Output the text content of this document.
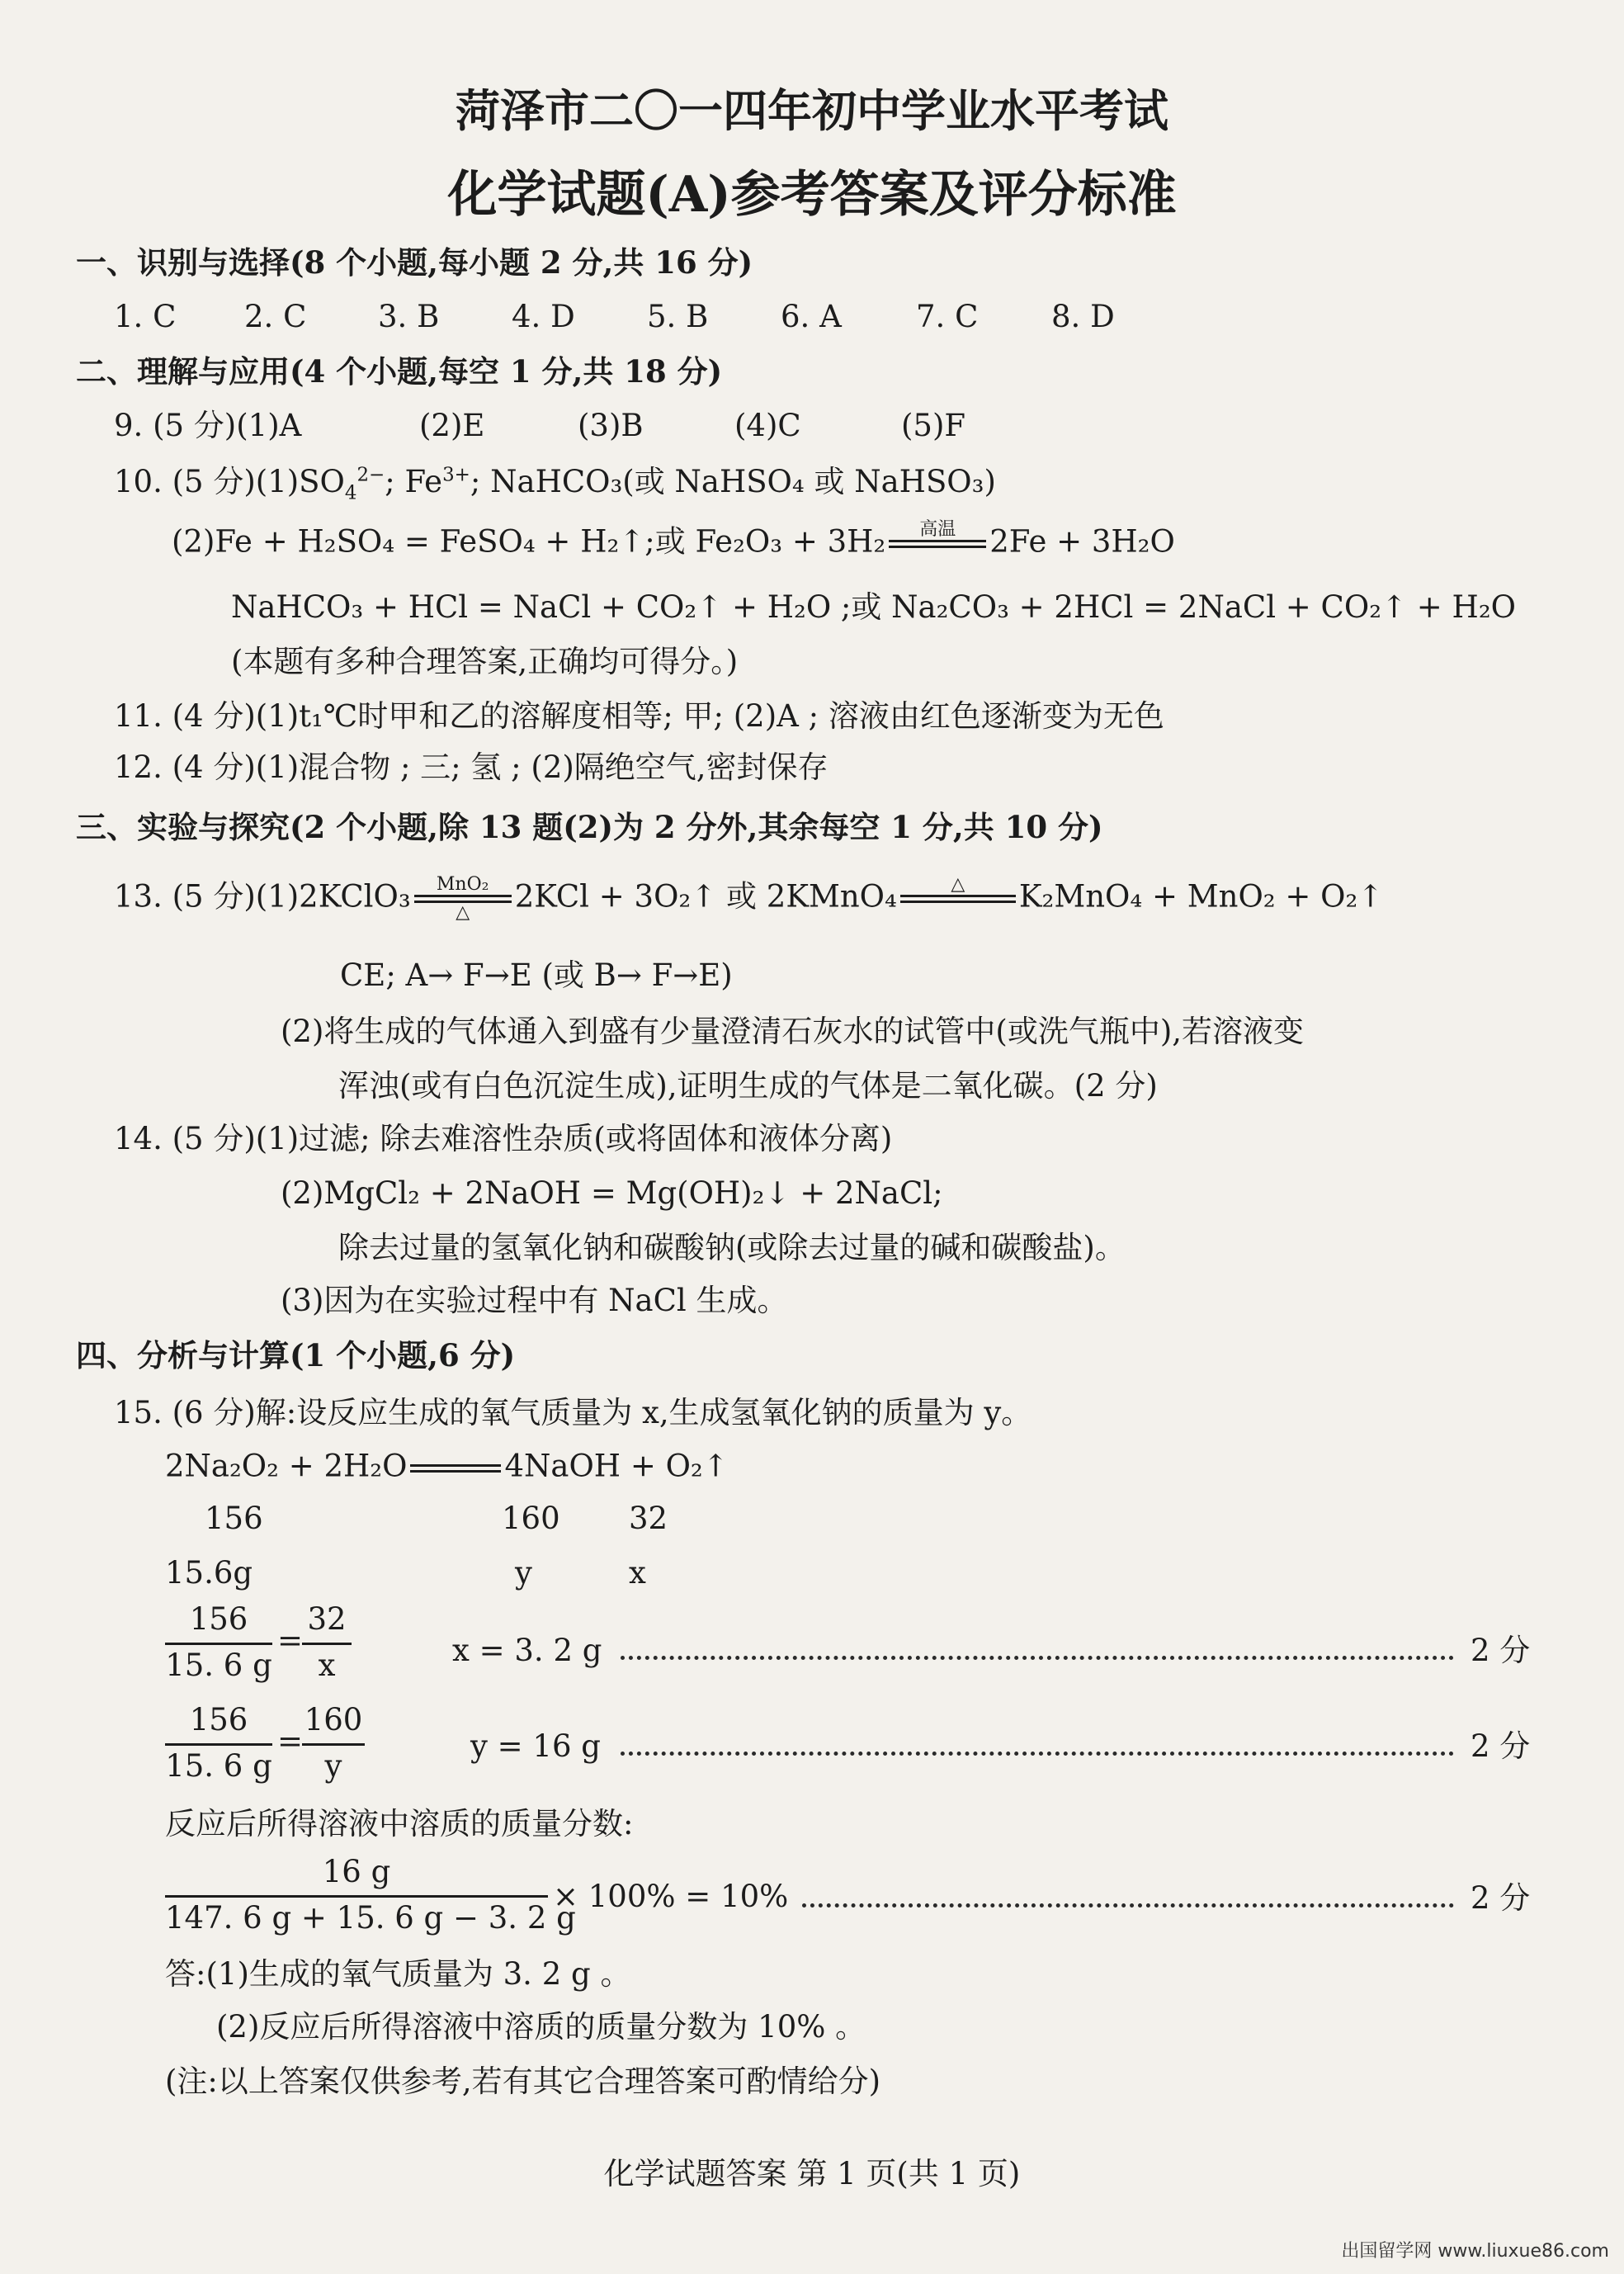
菏泽市二〇一四年初中学业水平考试
化学试题(A)参考答案及评分标准
一、识别与选择(8 个小题,每小题 2 分,共 16 分)
1. C 2. C 3. B 4. D 5. B 6. A 7. C 8. D
二、理解与应用(4 个小题,每空 1 分,共 18 分)
9. (5 分)(1)A	(2)E	(3)B	(4)C	(5)F
10. (5 分)$(1)SO_4^{2-}$; $Fe^{3+}$; NaHCO₃(或 NaHSO₄ 或 NaHSO₃)
(2)Fe + H₂SO₄ = FeSO₄ + H₂↑;或 Fe₂O₃ + 3H₂	高温	2Fe + 3H₂O
NaHCO₃ + HCl = NaCl + CO₂↑ + H₂O ;或 Na₂CO₃ + 2HCl = 2NaCl + CO₂↑ + H₂O
(本题有多种合理答案,正确均可得分。)
11. (4 分)(1)t₁℃时甲和乙的溶解度相等; 甲; (2)A ; 溶液由红色逐渐变为无色
12. (4 分)(1)混合物 ; 三; 氢 ; (2)隔绝空气,密封保存
三、实验与探究(2 个小题,除 13 题(2)为 2 分外,其余每空 1 分,共 10 分)
13. (5 分)(1)2KClO₃	MnO₂
△	2KCl + 3O₂↑ 或 2KMnO₄	△	K₂MnO₄ + MnO₂ + O₂↑
CE; A→ F→E (或 B→ F→E)
(2)将生成的气体通入到盛有少量澄清石灰水的试管中(或洗气瓶中),若溶液变
浑浊(或有白色沉淀生成),证明生成的气体是二氧化碳。(2 分)
14. (5 分)(1)过滤; 除去难溶性杂质(或将固体和液体分离)
(2)MgCl₂ + 2NaOH = Mg(OH)₂↓ + 2NaCl;
除去过量的氢氧化钠和碳酸钠(或除去过量的碱和碳酸盐)。
(3)因为在实验过程中有 NaCl 生成。
四、分析与计算(1 个小题,6 分)
15. (6 分)解:设反应生成的氧气质量为 x,生成氢氧化钠的质量为 y。
2Na₂O₂ + 2H₂O	4NaOH + O₂↑
156	160 32
15.6g	y	x
156
15. 6 g
=
32
x	x = 3. 2 g	2 分
156
15. 6 g
=
160
y
y = 16 g	2 分
反应后所得溶液中溶质的质量分数:
16 g
147. 6 g + 15. 6 g − 3. 2 g
× 100% = 10%	2 分
答:(1)生成的氧气质量为 3. 2 g 。
(2)反应后所得溶液中溶质的质量分数为 10% 。
(注:以上答案仅供参考,若有其它合理答案可酌情给分)
化学试题答案 第 1 页(共 1 页)
出国留学网 www.liuxue86.com
